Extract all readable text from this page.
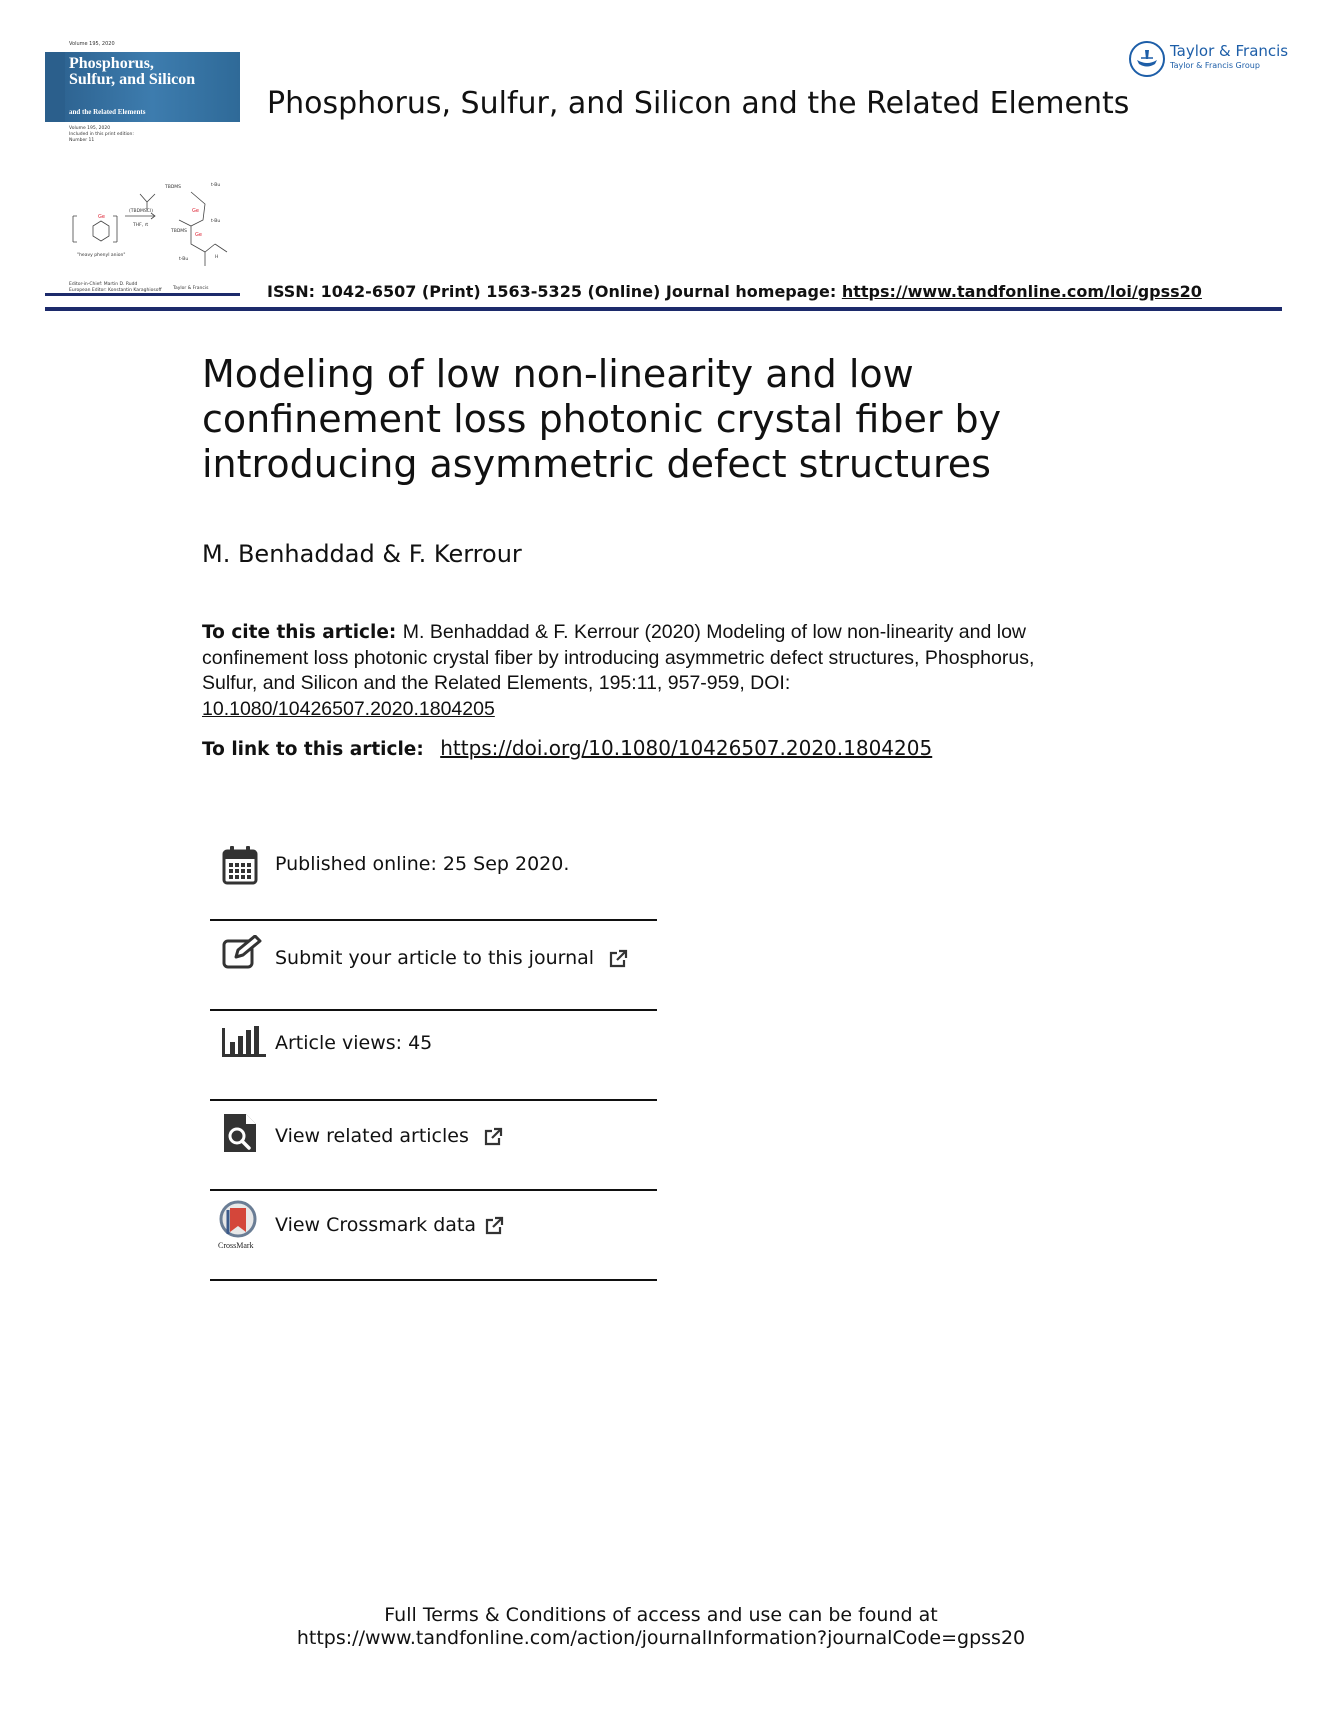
Volume 195, 2020
Phosphorus, Sulfur, and Silicon
and the Related Elements
Volume 195, 2020
Included in this print edition:
Number 11
Ge
Ge
Ge
TBDMS	t-Bu
t-Bu
TBDMS
(TBDMSCl)
THF, rt
"heavy phenyl anion"
t-Bu	H
Editor-in-Chief: Martin D. Rudd
European Editor: Konstantin Karaghiosoff	Taylor & Francis
Phosphorus, Sulfur, and Silicon and the Related Elements
Taylor & Francis
Taylor & Francis Group
ISSN: 1042-6507 (Print) 1563-5325 (Online) Journal homepage: https://www.tandfonline.com/loi/gpss20
Modeling of low non-linearity and low confinement loss photonic crystal fiber by introducing asymmetric defect structures
M. Benhaddad & F. Kerrour
To cite this article: M. Benhaddad & F. Kerrour (2020) Modeling of low non-linearity and low confinement loss photonic crystal fiber by introducing asymmetric defect structures, Phosphorus, Sulfur, and Silicon and the Related Elements, 195:11, 957-959, DOI: 10.1080/10426507.2020.1804205
To link to this article: https://doi.org/10.1080/10426507.2020.1804205
Published online: 25 Sep 2020.
Submit your article to this journal
Article views: 45
View related articles
CrossMark
View Crossmark data
Full Terms & Conditions of access and use can be found at
https://www.tandfonline.com/action/journalInformation?journalCode=gpss20
